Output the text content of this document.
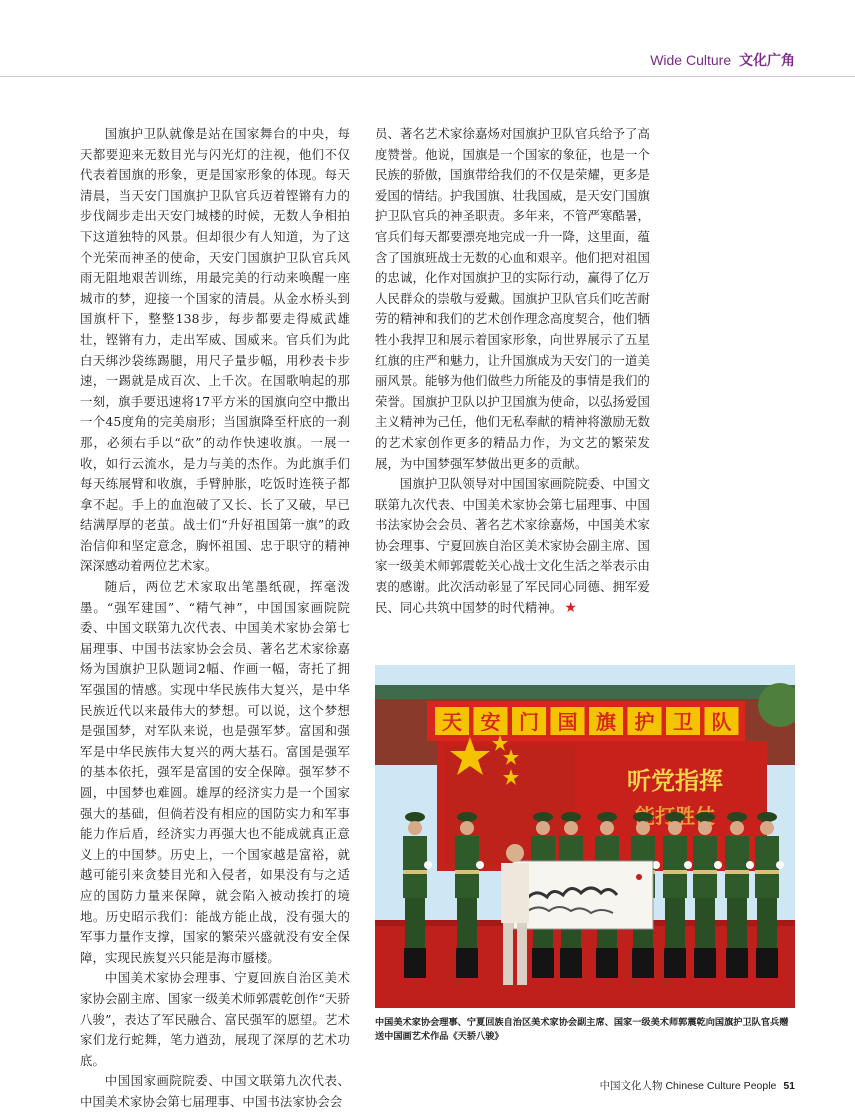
Wide Culture 文化广角

国旗护卫队就像是站在国家舞台的中央，每天都要迎来无数目光与闪光灯的注视，他们不仅代表着国旗的形象，更是国家形象的体现。每天清晨，当天安门国旗护卫队官兵迈着铿锵有力的步伐阔步走出天安门城楼的时候，无数人争相拍下这道独特的风景。但却很少有人知道，为了这个光荣而神圣的使命，天安门国旗护卫队官兵风雨无阻地艰苦训练，用最完美的行动来唤醒一座城市的梦，迎接一个国家的清晨。从金水桥头到国旗杆下，整整138步，每步都要走得威武雄壮，铿锵有力，走出军威、国威来。官兵们为此白天绑沙袋练踢腿，用尺子量步幅，用秒表卡步速，一踢就是成百次、上千次。在国歌响起的那一刻，旗手要迅速将17平方米的国旗向空中撒出一个45度角的完美扇形；当国旗降至杆底的一刹那，必须右手以“砍”的动作快速收旗。一展一收，如行云流水，是力与美的杰作。为此旗手们每天练展臂和收旗，手臂肿胀，吃饭时连筷子都拿不起。手上的血泡破了又长、长了又破，早已结满厚厚的老茧。战士们“升好祖国第一旗”的政治信仰和坚定意念，胸怀祖国、忠于职守的精神深深感动着两位艺术家。

随后，两位艺术家取出笔墨纸砚，挥毫泼墨。“强军建国”、“精气神”，中国国家画院院委、中国文联第九次代表、中国美术家协会第七届理事、中国书法家协会会员、著名艺术家徐嘉炀为国旗护卫队题词2幅、作画一幅，寄托了拥军强国的情感。实现中华民族伟大复兴，是中华民族近代以来最伟大的梦想。可以说，这个梦想是强国梦，对军队来说，也是强军梦。富国和强军是中华民族伟大复兴的两大基石。富国是强军的基本依托，强军是富国的安全保障。强军梦不圆，中国梦也难圆。雄厚的经济实力是一个国家强大的基础，但倘若没有相应的国防实力和军事能力作后盾，经济实力再强大也不能成就真正意义上的中国梦。历史上，一个国家越是富裕，就越可能引来贪婪目光和入侵者，如果没有与之适应的国防力量来保障，就会陷入被动挨打的境地。历史昭示我们：能战方能止战，没有强大的军事力量作支撑，国家的繁荣兴盛就没有安全保障，实现民族复兴只能是海市蜃楼。

中国美术家协会理事、宁夏回族自治区美术家协会副主席、国家一级美术师郭震乾创作“天骄八骏”，表达了军民融合、富民强军的愿望。艺术家们龙行蛇舞，笔力遒劲，展现了深厚的艺术功底。

中国国家画院院委、中国文联第九次代表、中国美术家协会第七届理事、中国书法家协会会

员、著名艺术家徐嘉炀对国旗护卫队官兵给予了高度赞誉。他说，国旗是一个国家的象征，也是一个民族的骄傲，国旗带给我们的不仅是荣耀，更多是爱国的情结。护我国旗、壮我国威，是天安门国旗护卫队官兵的神圣职责。多年来，不管严寒酷暑，官兵们每天都要漂亮地完成一升一降，这里面，蕴含了国旗班战士无数的心血和艰辛。他们把对祖国的忠诚，化作对国旗护卫的实际行动，赢得了亿万人民群众的崇敬与爱戴。国旗护卫队官兵们吃苦耐劳的精神和我们的艺术创作理念高度契合，他们牺牲小我捍卫和展示着国家形象，向世界展示了五星红旗的庄严和魅力，让升国旗成为天安门的一道美丽风景。能够为他们做些力所能及的事情是我们的荣誉。国旗护卫队以护卫国旗为使命，以弘扬爱国主义精神为己任，他们无私奉献的精神将激励无数的艺术家创作更多的精品力作，为文艺的繁荣发展，为中国梦强军梦做出更多的贡献。

国旗护卫队领导对中国国家画院院委、中国文联第九次代表、中国美术家协会第七届理事、中国书法家协会会员、著名艺术家徐嘉炀，中国美术家协会理事、宁夏回族自治区美术家协会副主席、国家一级美术师郭震乾关心战士文化生活之举表示由衷的感谢。此次活动彰显了军民同心同德、拥军爱民、同心共筑中国梦的时代精神。 ★

天 安 门 国 旗 护 卫 队
听党指挥
中国美术家协会理事、宁夏回族自治区美术家协会副主席、国家一级美术师郭震乾向国旗护卫队官兵赠送中国画艺术作品《天骄八骏》
中国文化人物 Chinese Culture People 51
